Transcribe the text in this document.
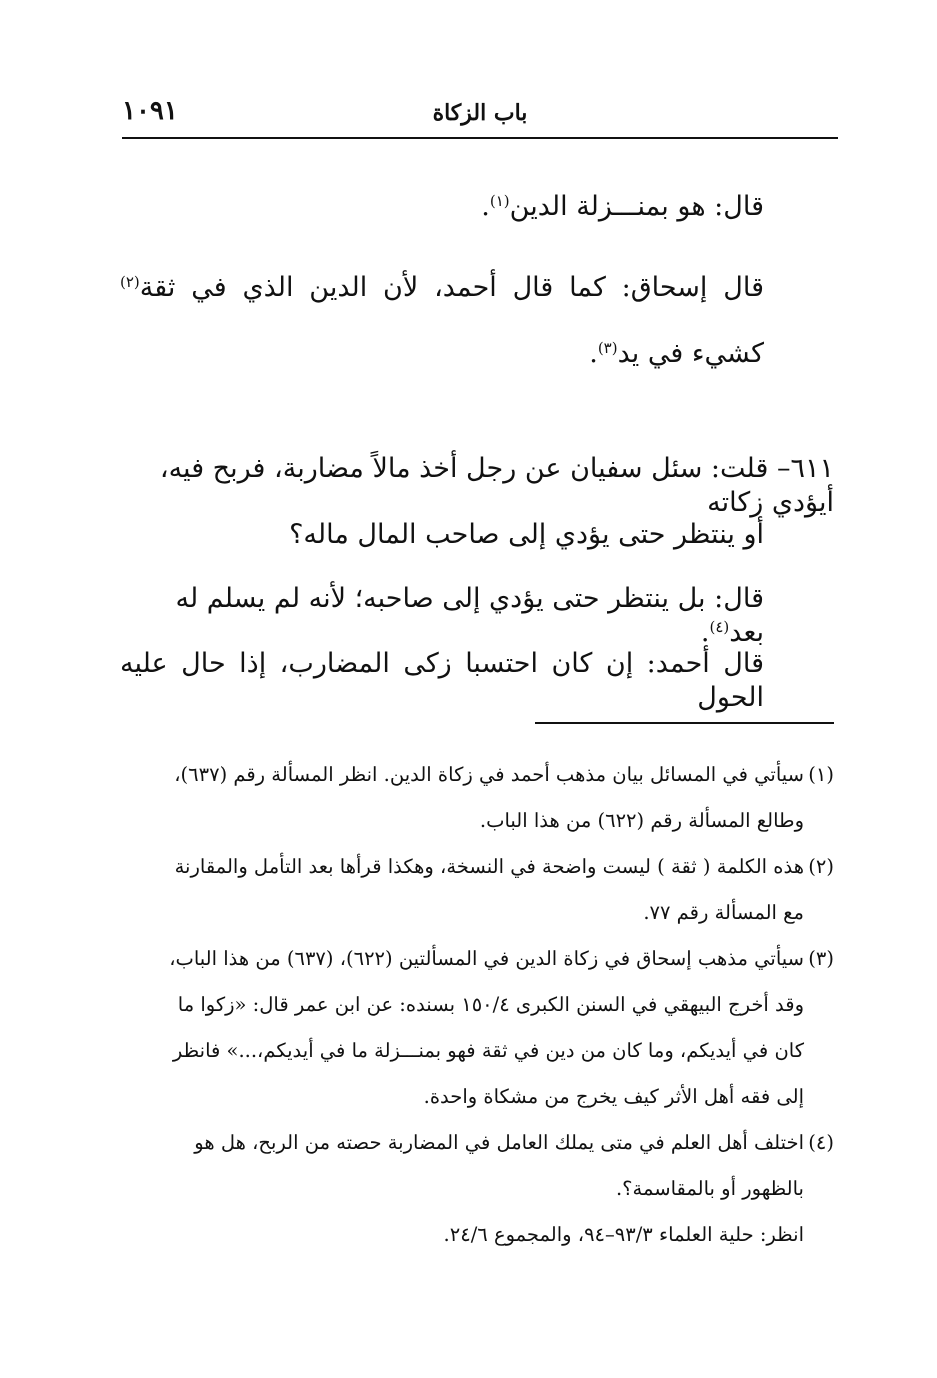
باب الزكاة
١٠٩١
قال: هو بمنـــزلة الدين$^{(١)}$.
قال إسحاق: كما قال أحمد، لأن الدين الذي في ثقة$^{(٢)}$ كشيء في يد$^{(٣)}$.
٦١١– قلت: سئل سفيان عن رجل أخذ مالاً مضاربة، فربح فيه، أيؤدي زكاته
أو ينتظر حتى يؤدي إلى صاحب المال ماله؟
قال: بل ينتظر حتى يؤدي إلى صاحبه؛ لأنه لم يسلم له بعد$^{(٤)}$.
قال أحمد: إن كان احتسبا زكى المضارب، إذا حال عليه الحول
(١)
سيأتي في المسائل بيان مذهب أحمد في زكاة الدين. انظر المسألة رقم (٦٣٧)،
وطالع المسألة رقم (٦٢٢) من هذا الباب.
(٢)
هذه الكلمة ( ثقة ) ليست واضحة في النسخة، وهكذا قرأها بعد التأمل والمقارنة
مع المسألة رقم ٧٧.
(٣)
سيأتي مذهب إسحاق في زكاة الدين في المسألتين (٦٢٢)، (٦٣٧) من هذا الباب،
وقد أخرج البيهقي في السنن الكبرى ١٥٠/٤ بسنده: عن ابن عمر قال: «زكوا ما
كان في أيديكم، وما كان من دين في ثقة فهو بمنـــزلة ما في أيديكم،...» فانظر
إلى فقه أهل الأثر كيف يخرج من مشكاة واحدة.
(٤)
اختلف أهل العلم في متى يملك العامل في المضاربة حصته من الربح، هل هو
بالظهور أو بالمقاسمة؟.
انظر: حلية العلماء ٩٣/٣–٩٤، والمجموع ٢٤/٦.
